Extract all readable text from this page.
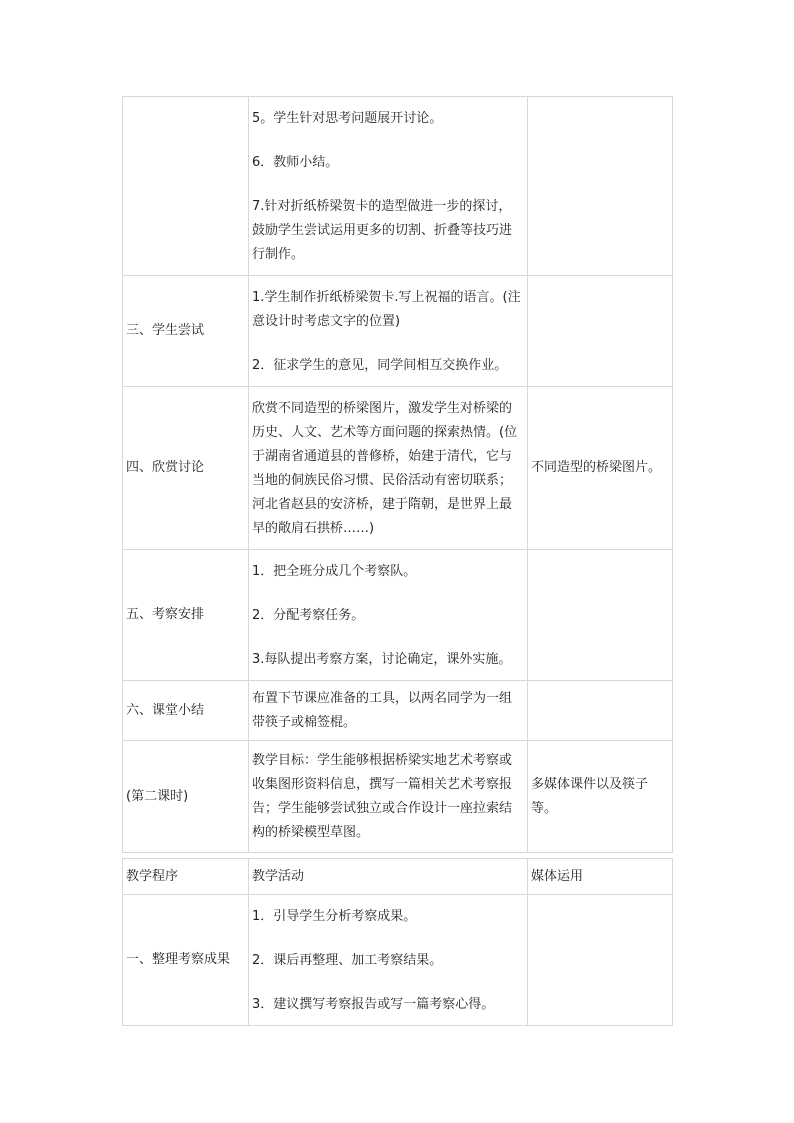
	5。学生针对思考问题展开讨论。

6．教师小结。

7.针对折纸桥梁贺卡的造型做进一步的探讨，鼓励学生尝试运用更多的切割、折叠等技巧进行制作。	

三、学生尝试	1.学生制作折纸桥梁贺卡.写上祝福的语言。(注意设计时考虑文字的位置)

2．征求学生的意见，同学间相互交换作业。	

四、欣赏讨论	欣赏不同造型的桥梁图片，激发学生对桥梁的历史、人文、艺术等方面问题的探索热情。(位于湖南省通道县的普修桥，始建于清代，它与当地的侗族民俗习惯、民俗活动有密切联系；河北省赵县的安济桥，建于隋朝，是世界上最早的敞肩石拱桥……)	不同造型的桥梁图片。
五、考察安排	1．把全班分成几个考察队。

2．分配考察任务。

3.每队提出考察方案，讨论确定，课外实施。	

六、课堂小结	布置下节课应准备的工具，以两名同学为一组带筷子或棉签棍。	

(第二课时)	教学目标：学生能够根据桥梁实地艺术考察或收集图形资料信息，撰写一篇相关艺术考察报告；学生能够尝试独立或合作设计一座拉索结构的桥梁模型草图。	多媒体课件以及筷子等。
教学程序	教学活动	媒体运用
一、整理考察成果	1．引导学生分析考察成果。

2．课后再整理、加工考察结果。

3．建议撰写考察报告或写一篇考察心得。	
